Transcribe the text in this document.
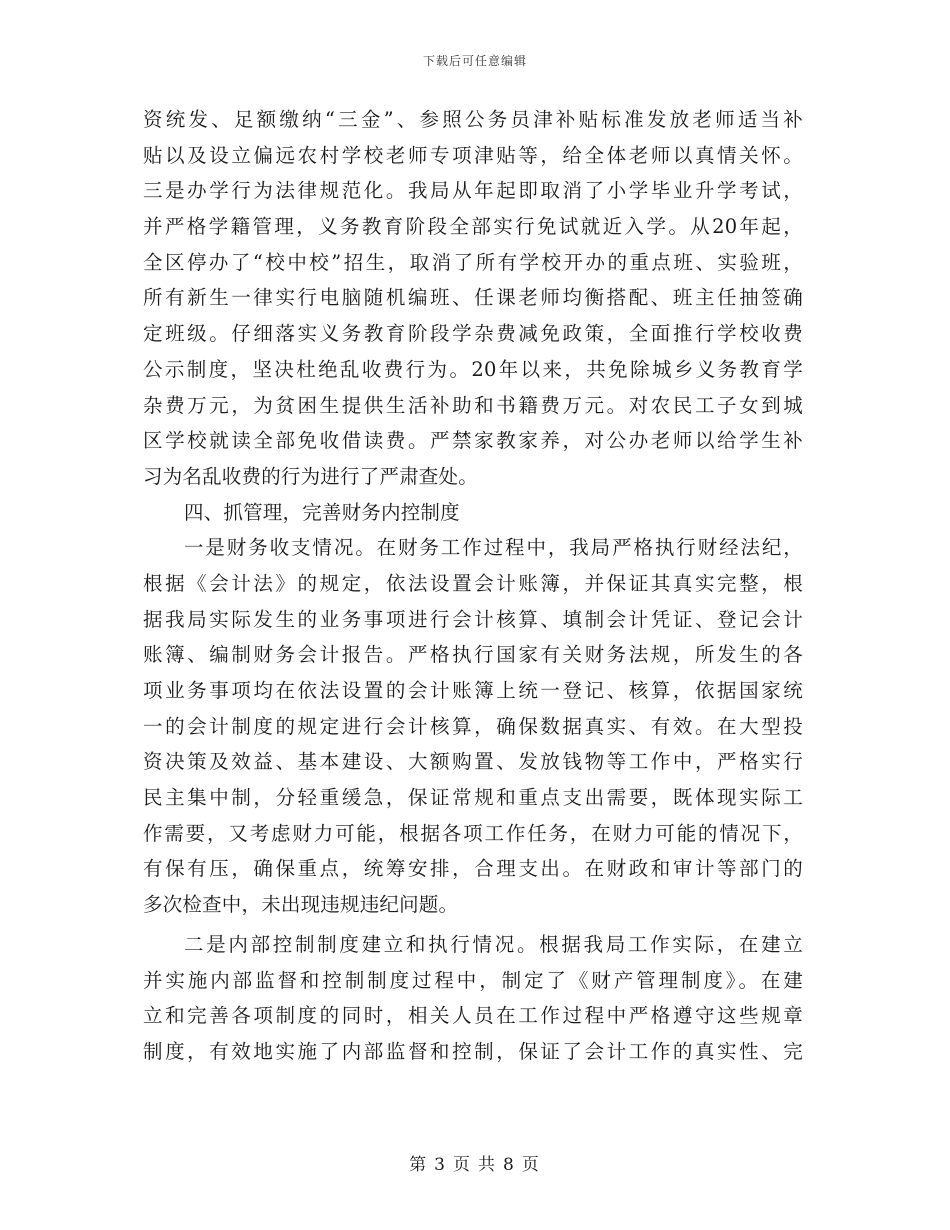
下载后可任意编辑
资统发、足额缴纳“三金”、参照公务员津补贴标准发放老师适当补
贴以及设立偏远农村学校老师专项津贴等，给全体老师以真情关怀。
三是办学行为法律规范化。我局从年起即取消了小学毕业升学考试，
并严格学籍管理，义务教育阶段全部实行免试就近入学。从20年起，
全区停办了“校中校”招生，取消了所有学校开办的重点班、实验班，
所有新生一律实行电脑随机编班、任课老师均衡搭配、班主任抽签确
定班级。仔细落实义务教育阶段学杂费减免政策，全面推行学校收费
公示制度，坚决杜绝乱收费行为。20年以来，共免除城乡义务教育学
杂费万元，为贫困生提供生活补助和书籍费万元。对农民工子女到城
区学校就读全部免收借读费。严禁家教家养，对公办老师以给学生补
习为名乱收费的行为进行了严肃查处。
四、抓管理，完善财务内控制度
一是财务收支情况。在财务工作过程中，我局严格执行财经法纪，
根据《会计法》的规定，依法设置会计账簿，并保证其真实完整，根
据我局实际发生的业务事项进行会计核算、填制会计凭证、登记会计
账簿、编制财务会计报告。严格执行国家有关财务法规，所发生的各
项业务事项均在依法设置的会计账簿上统一登记、核算，依据国家统
一的会计制度的规定进行会计核算，确保数据真实、有效。在大型投
资决策及效益、基本建设、大额购置、发放钱物等工作中，严格实行
民主集中制，分轻重缓急，保证常规和重点支出需要，既体现实际工
作需要，又考虑财力可能，根据各项工作任务，在财力可能的情况下，
有保有压，确保重点，统筹安排，合理支出。在财政和审计等部门的
多次检查中，未出现违规违纪问题。
二是内部控制制度建立和执行情况。根据我局工作实际，在建立
并实施内部监督和控制制度过程中，制定了《财产管理制度》。在建
立和完善各项制度的同时，相关人员在工作过程中严格遵守这些规章
制度，有效地实施了内部监督和控制，保证了会计工作的真实性、完
第 3 页 共 8 页
